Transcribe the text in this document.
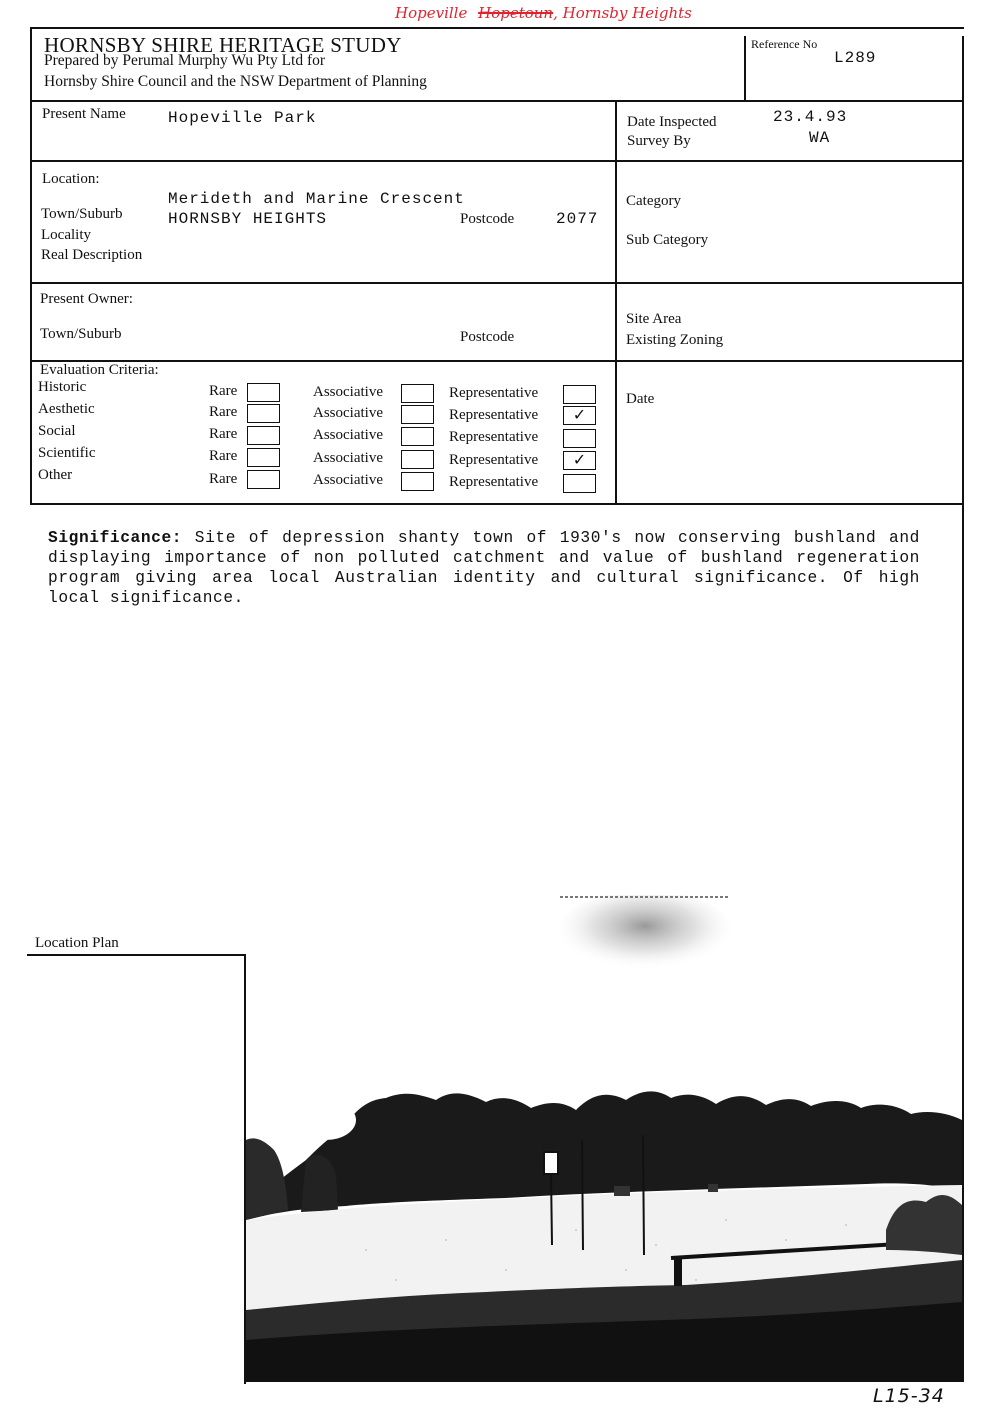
Hopeville Hopetoun, Hornsby Heights
HORNSBY SHIRE HERITAGE STUDY
Prepared by Perumal Murphy Wu Pty Ltd for
Hornsby Shire Council and the NSW Department of Planning
Reference No
L289
Present Name	Hopeville Park	Date Inspected	23.4.93
Survey By	WA
Location:
Merideth and Marine Crescent
Town/Suburb	HORNSBY HEIGHTS	Postcode	2077
Locality
Real Description
Category
Sub Category
Present Owner:
Town/Suburb	Postcode
Site Area
Existing Zoning
Evaluation Criteria:
Date
Historic	Rare	Associative	Representative
Aesthetic	Rare	Associative	Representative	✓
Social	Rare	Associative	Representative
Scientific	Rare	Associative	Representative	✓
Other	Rare	Associative	Representative
Significance: Site of depression shanty town of 1930's now conserving bushland and displaying importance of non polluted catchment and value of bushland regeneration program giving area local Australian identity and cultural significance. Of high local significance.
Location Plan
L15-34
